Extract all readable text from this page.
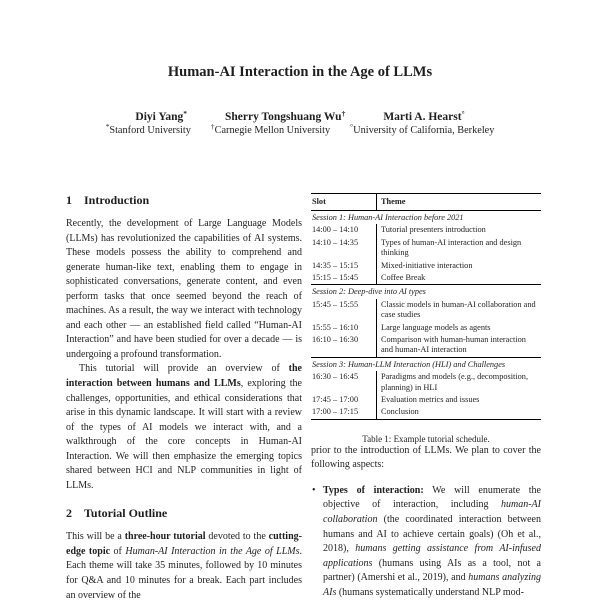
Human-AI Interaction in the Age of LLMs
Diyi Yang*	Sherry Tongshuang Wu†	Marti A. Hearst°
*Stanford University	†Carnegie Mellon University	°University of California, Berkeley
1 Introduction

Recently, the development of Large Language Models (LLMs) has revolutionized the capabilities of AI systems. These models possess the ability to comprehend and generate human-like text, enabling them to engage in sophisticated conversations, generate content, and even perform tasks that once seemed beyond the reach of machines. As a result, the way we interact with technology and each other — an established field called “Human-AI Interaction” and have been studied for over a decade — is undergoing a profound transformation.

This tutorial will provide an overview of the interaction between humans and LLMs, exploring the challenges, opportunities, and ethical considerations that arise in this dynamic landscape. It will start with a review of the types of AI models we interact with, and a walkthrough of the core concepts in Human-AI Interaction. We will then emphasize the emerging topics shared between HCI and NLP communities in light of LLMs.

2 Tutorial Outline

This will be a three-hour tutorial devoted to the cutting-edge topic of Human-AI Interaction in the Age of LLMs. Each theme will take 35 minutes, followed by 10 minutes for Q&A and 10 minutes for a break. Each part includes an overview of the

Slot	Theme
Session 1: Human-AI Interaction before 2021	
14:00 – 14:10	Tutorial presenters introduction
14:10 – 14:35	Types of human-AI interaction and design thinking
14:35 – 15:15	Mixed-initiative interaction
15:15 – 15:45	Coffee Break
Session 2: Deep-dive into AI types	
15:45 – 15:55	Classic models in human-AI collaboration and case studies
15:55 – 16:10	Large language models as agents
16:10 – 16:30	Comparison with human-human interaction and human-AI interaction
Session 3: Human-LLM Interaction (HLI) and Challenges	
16:30 – 16:45	Paradigms and models (e.g., decomposition, planning) in HLI
17:45 – 17:00	Evaluation metrics and issues
17:00 – 17:15	Conclusion

Table 1: Example tutorial schedule.

prior to the introduction of LLMs. We plan to cover the following aspects:

• Types of interaction: We will enumerate the objective of interaction, including human-AI collaboration (the coordinated interaction between humans and AI to achieve certain goals) (Oh et al., 2018), humans getting assistance from AI-infused applications (humans using AIs as a tool, not a partner) (Amershi et al., 2019), and humans analyzing AIs (humans systematically understand NLP mod-
